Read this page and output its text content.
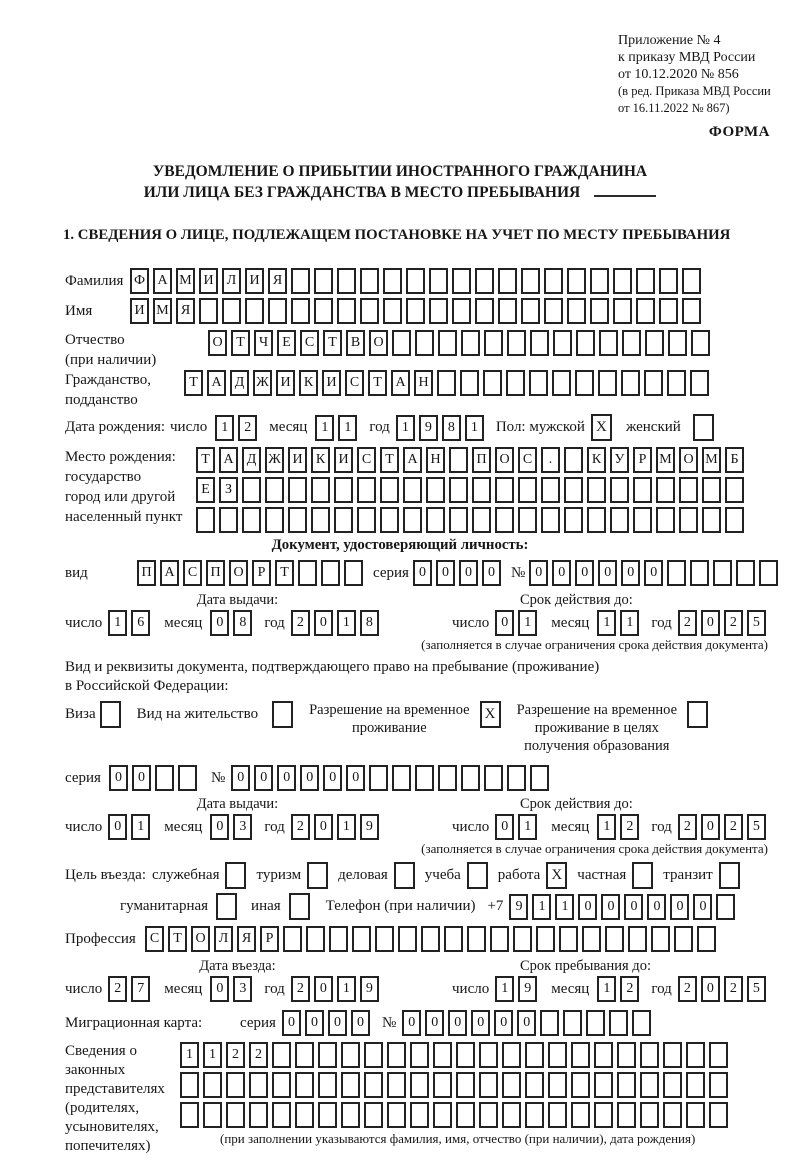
Приложение № 4
к приказу МВД России
от 10.12.2020 № 856
(в ред. Приказа МВД России
от 16.11.2022 № 867)
ФОРМА
УВЕДОМЛЕНИЕ О ПРИБЫТИИ ИНОСТРАННОГО ГРАЖДАНИНА
ИЛИ ЛИЦА БЕЗ ГРАЖДАНСТВА В МЕСТО ПРЕБЫВАНИЯ
1. СВЕДЕНИЯ О ЛИЦЕ, ПОДЛЕЖАЩЕМ ПОСТАНОВКЕ НА УЧЕТ ПО МЕСТУ ПРЕБЫВАНИЯ
Фамилия Ф А М И Л И Я
Имя	И М Я
Отчество
(при наличии)
О Т Ч Е С Т В О
Гражданство,
подданство
Т А Д Ж И К И С Т А Н
Дата рождения: число	1 2	месяц	1 1	год 1 9 8 1	Пол: мужской X	женский
Место рождения:
государство
город или другой
населенный пункт
Т А Д Ж И К И С Т А Н	П О С .	К У Р М О М Б
Е З
Документ, удостоверяющий личность:
вид	П А С П О Р Т	серия 0 0 0 0	№ 0 0 0 0 0 0
Дата выдачи:	Срок действия до:
число 1 6	месяц	0 8	год 2 0 1 8	число 0 1	месяц	1 1	год 2 0 2 5
(заполняется в случае ограничения срока действия документа)
Вид и реквизиты документа, подтверждающего право на пребывание (проживание)
в Российской Федерации:
Виза	Вид на жительство	Разрешение на временное
проживание
X	Разрешение на временное
проживание в целях
получения образования
серия	0 0	№ 0 0 0 0 0 0
Дата выдачи:	Срок действия до:
число 0 1	месяц	0 3	год 2 0 1 9	число 0 1	месяц	1 2	год 2 0 2 5
(заполняется в случае ограничения срока действия документа)
Цель въезда: служебная туризм деловая учеба работа X	частная транзит
гуманитарная	иная	Телефон (при наличии) +7 9 1 1 0 0 0 0 0 0
Профессия	С Т О Л Я Р
Дата въезда:	Срок пребывания до:
число 2 7	месяц	0 3	год 2 0 1 9	число 1 9	месяц	1 2	год 2 0 2 5
Миграционная карта:	серия 0 0 0 0	№ 0 0 0 0 0 0
Сведения о
законных
представителях
(родителях,
усыновителях,
попечителях)
1 1 2 2
(при заполнении указываются фамилия, имя, отчество (при наличии), дата рождения)
